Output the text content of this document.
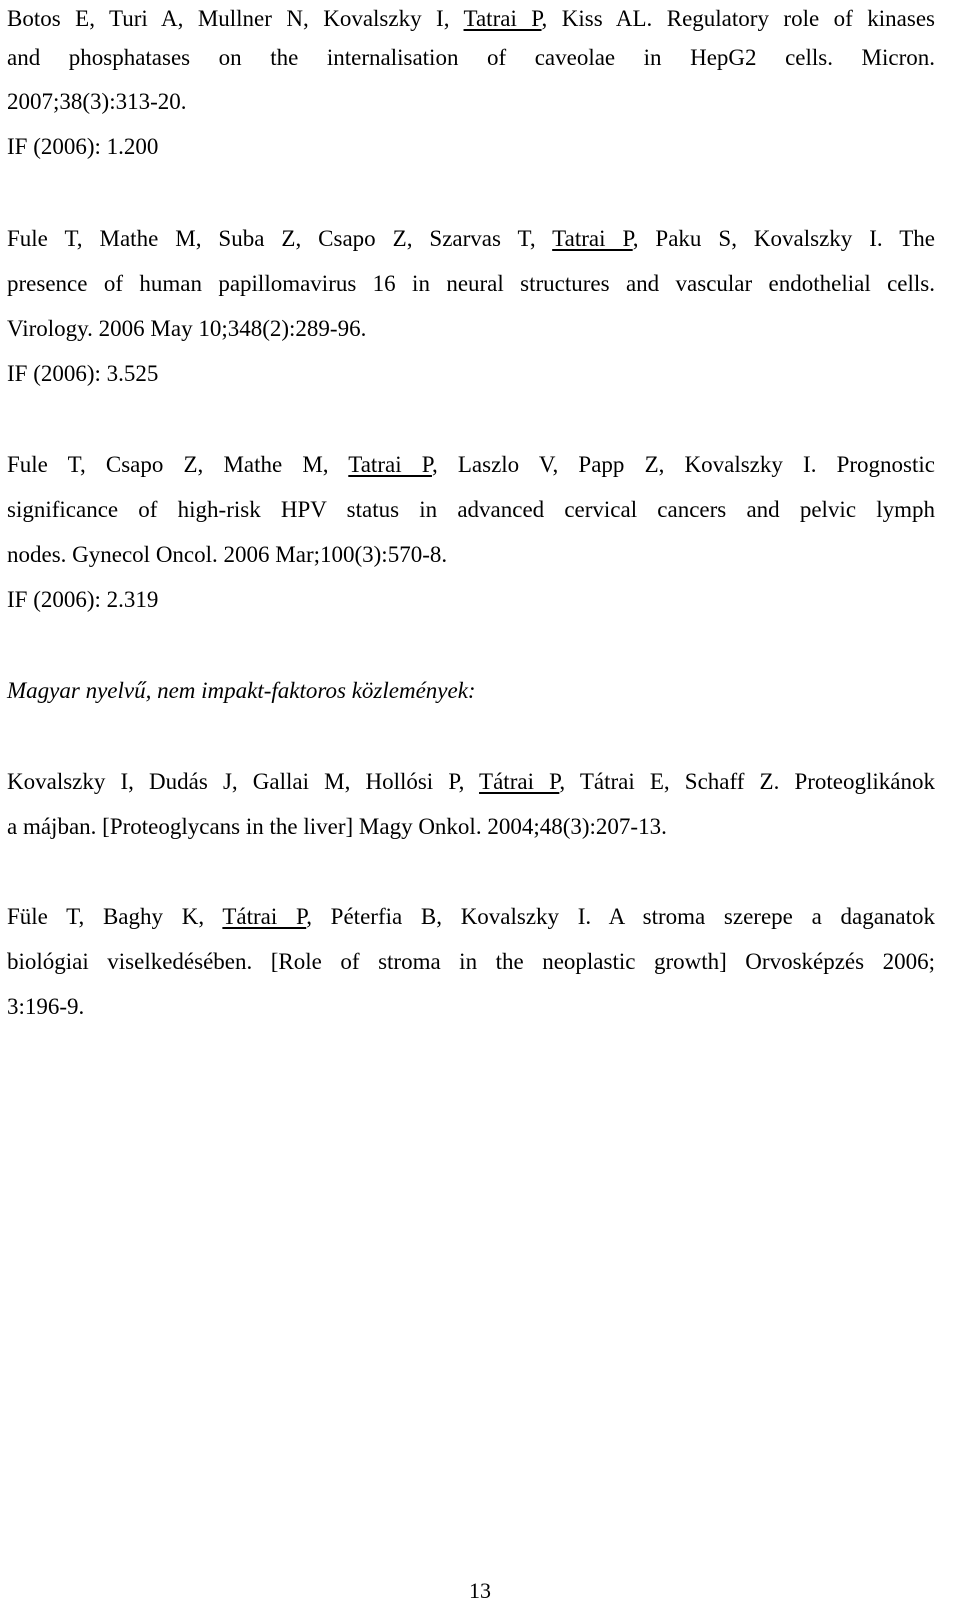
Botos E, Turi A, Mullner N, Kovalszky I, Tatrai P, Kiss AL. Regulatory role of kinases
and phosphatases on the internalisation of caveolae in HepG2 cells. Micron.
2007;38(3):313-20.
IF (2006): 1.200
Fule T, Mathe M, Suba Z, Csapo Z, Szarvas T, Tatrai P, Paku S, Kovalszky I. The
presence of human papillomavirus 16 in neural structures and vascular endothelial cells.
Virology. 2006 May 10;348(2):289-96.
IF (2006): 3.525
Fule T, Csapo Z, Mathe M, Tatrai P, Laszlo V, Papp Z, Kovalszky I. Prognostic
significance of high-risk HPV status in advanced cervical cancers and pelvic lymph
nodes. Gynecol Oncol. 2006 Mar;100(3):570-8.
IF (2006): 2.319
Magyar nyelvű, nem impakt-faktoros közlemények:
Kovalszky I, Dudás J, Gallai M, Hollósi P, Tátrai P, Tátrai E, Schaff Z. Proteoglikánok
a májban. [Proteoglycans in the liver] Magy Onkol. 2004;48(3):207-13.
Füle T, Baghy K, Tátrai P, Péterfia B, Kovalszky I. A stroma szerepe a daganatok
biológiai viselkedésében. [Role of stroma in the neoplastic growth] Orvosképzés 2006;
3:196-9.
13
